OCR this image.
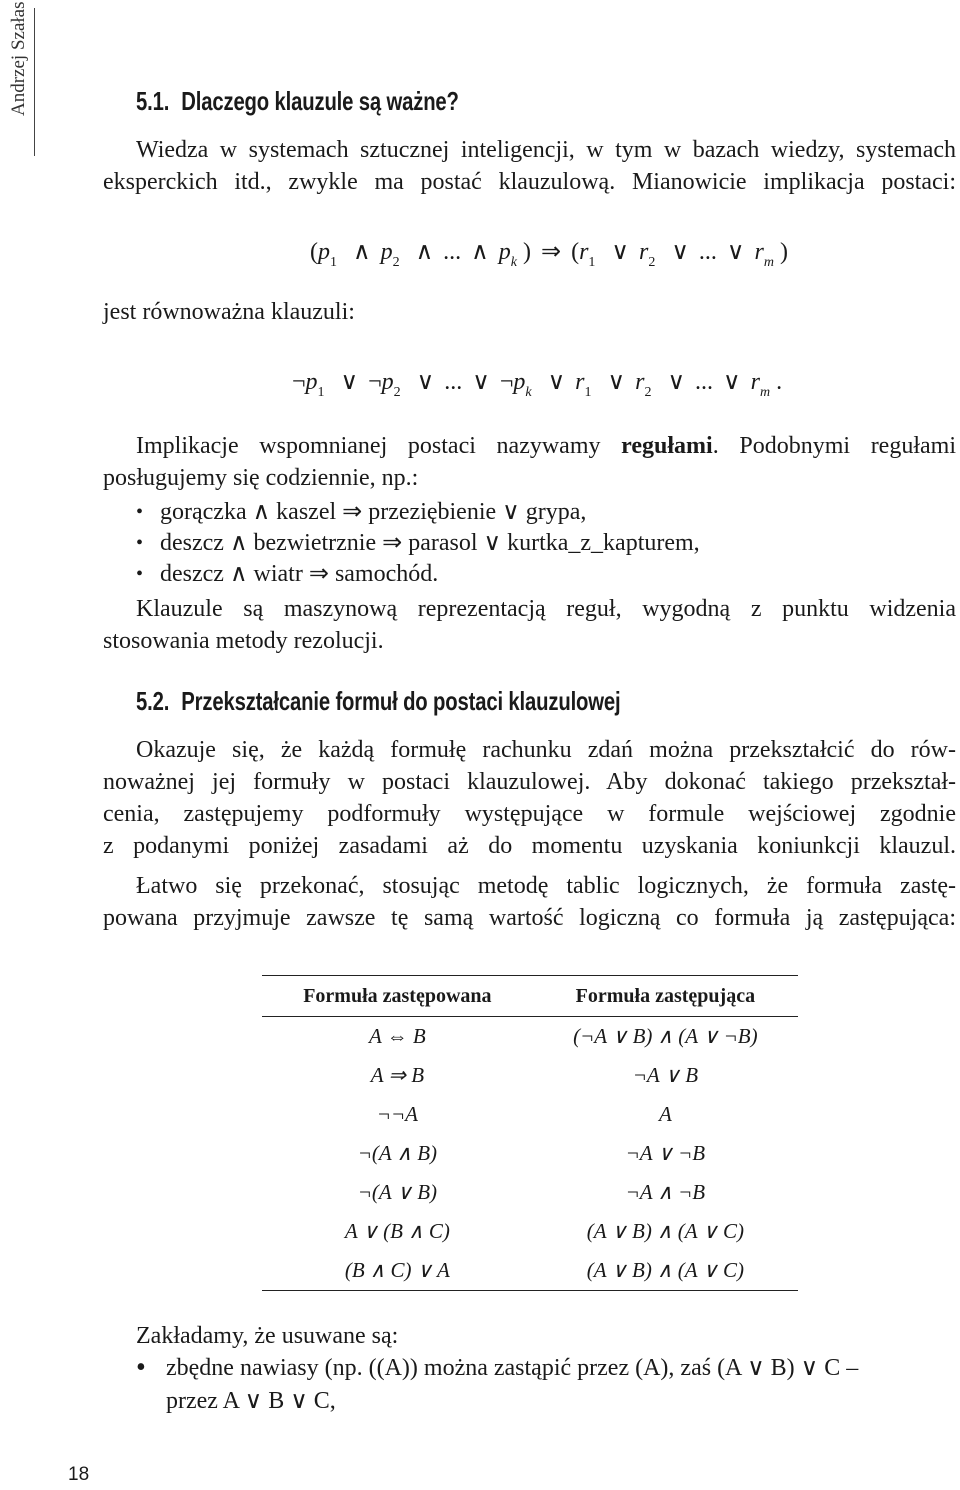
Andrzej Szałas	5.1. Dlaczego klauzule są ważne?
Wiedza w systemach sztucznej inteligencji, w tym w bazach wiedzy, systemach
eksperckich itd., zwykle ma postać klauzulową. Mianowicie implikacja postaci:
($p_1$ ∧ $p_2$ ∧ ... ∧ $p_k$ ) ⇒ ($r_1$ ∨ $r_2$ ∨ ... ∨ $r_m$ )
jest równoważna klauzuli:
$\neg p_1$ ∨ $\neg p_2$ ∨ ... ∨ $\neg p_k$ ∨ $r_1$ ∨ $r_2$ ∨ ... ∨ $r_m$ .
Implikacje wspomnianej postaci nazywamy regułami. Podobnymi regułami
posługujemy się codziennie, np.:
• gorączka ∧ kaszel ⇒ przeziębienie ∨ grypa,
• deszcz ∧ bezwietrznie ⇒ parasol ∨ kurtka_z_kapturem,
• deszcz ∧ wiatr ⇒ samochód.
Klauzule są maszynową reprezentacją reguł, wygodną z punktu widzenia
stosowania metody rezolucji.
5.2. Przekształcanie formuł do postaci klauzulowej
Okazuje się, że każdą formułę rachunku zdań można przekształcić do rów-
noważnej jej formuły w postaci klauzulowej. Aby dokonać takiego przekształ-
cenia, zastępujemy podformuły występujące w formule wejściowej zgodnie
z podanymi poniżej zasadami aż do momentu uzyskania koniunkcji klauzul.
Łatwo się przekonać, stosując metodę tablic logicznych, że formuła zastę-
powana przyjmuje zawsze tę samą wartość logiczną co formuła ją zastępująca:
Formuła zastępowana	Formuła zastępująca
A ⇔ B	(¬A ∨ B) ∧ (A ∨ ¬B)
A ⇒ B	¬A ∨ B
¬¬A	A
¬(A ∧ B)	¬A ∨ ¬B
¬(A ∨ B)	¬A ∧ ¬B
A ∨ (B ∧ C)	(A ∨ B) ∧ (A ∨ C)
(B ∧ C) ∨ A	(A ∨ B) ∧ (A ∨ C)
Zakładamy, że usuwane są:
• zbędne nawiasy (np. ((A)) można zastąpić przez (A), zaś (A ∨ B) ∨ C –
przez A ∨ B ∨ C,
18
